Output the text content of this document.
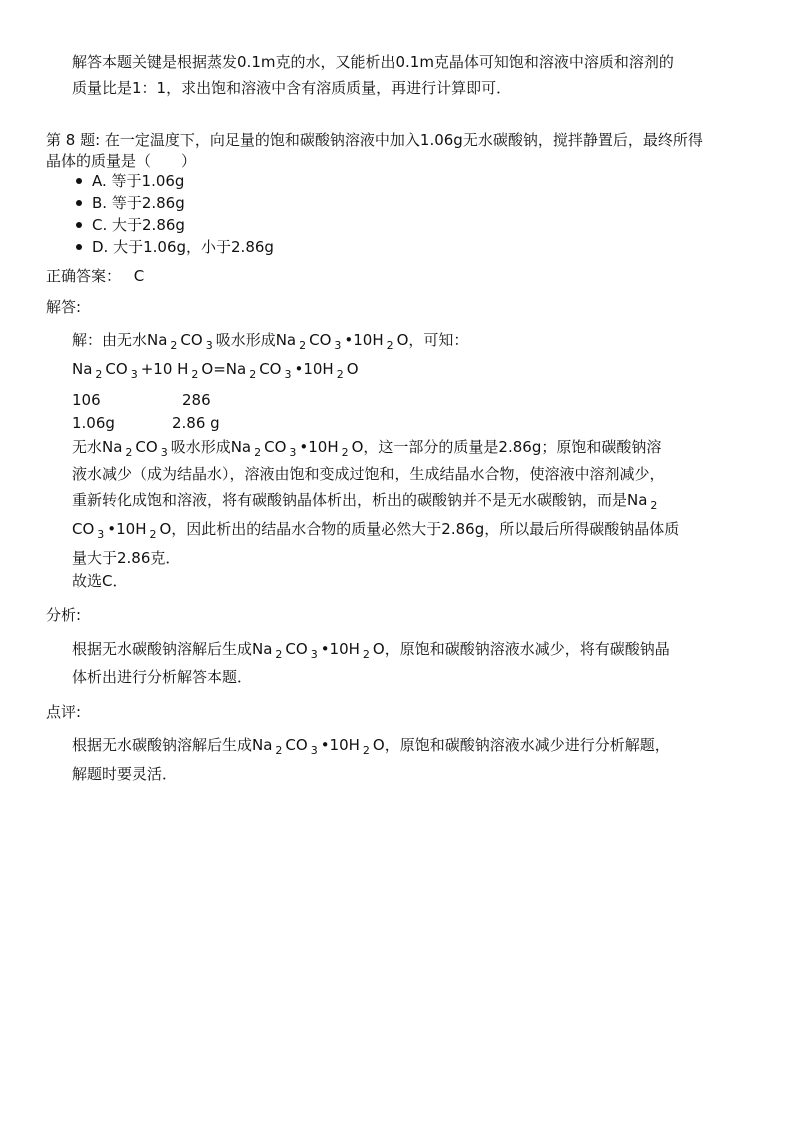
解答本题关键是根据蒸发0.1m克的水，又能析出0.1m克晶体可知饱和溶液中溶质和溶剂的
质量比是1：1，求出饱和溶液中含有溶质质量，再进行计算即可．
第 8 题: 在一定温度下，向足量的饱和碳酸钠溶液中加入1.06g无水碳酸钠，搅拌静置后，最终所得
晶体的质量是（　　）
A. 等于1.06g
B. 等于2.86g
C. 大于2.86g
D. 大于1.06g，小于2.86g
正确答案： C
解答:
解：由无水Na $_2$ CO $_3$ 吸水形成Na $_2$ CO $_3$ •10H $_2$ O，可知：
Na $_2$ CO $_3$ +10 H $_2$ O=Na $_2$ CO $_3$ •10H $_2$ O
106	286
1.06g	2.86 g
无水Na $_2$ CO $_3$ 吸水形成Na $_2$ CO $_3$ •10H $_2$ O，这一部分的质量是2.86g；原饱和碳酸钠溶
液水减少（成为结晶水），溶液由饱和变成过饱和，生成结晶水合物，使溶液中溶剂减少，
重新转化成饱和溶液，将有碳酸钠晶体析出，析出的碳酸钠并不是无水碳酸钠，而是Na $_2$
CO $_3$ •10H $_2$ O，因此析出的结晶水合物的质量必然大于2.86g，所以最后所得碳酸钠晶体质
量大于2.86克．
故选C．
分析:
根据无水碳酸钠溶解后生成Na $_2$ CO $_3$ •10H $_2$ O，原饱和碳酸钠溶液水减少，将有碳酸钠晶
体析出进行分析解答本题．
点评:
根据无水碳酸钠溶解后生成Na $_2$ CO $_3$ •10H $_2$ O，原饱和碳酸钠溶液水减少进行分析解题，
解题时要灵活．
